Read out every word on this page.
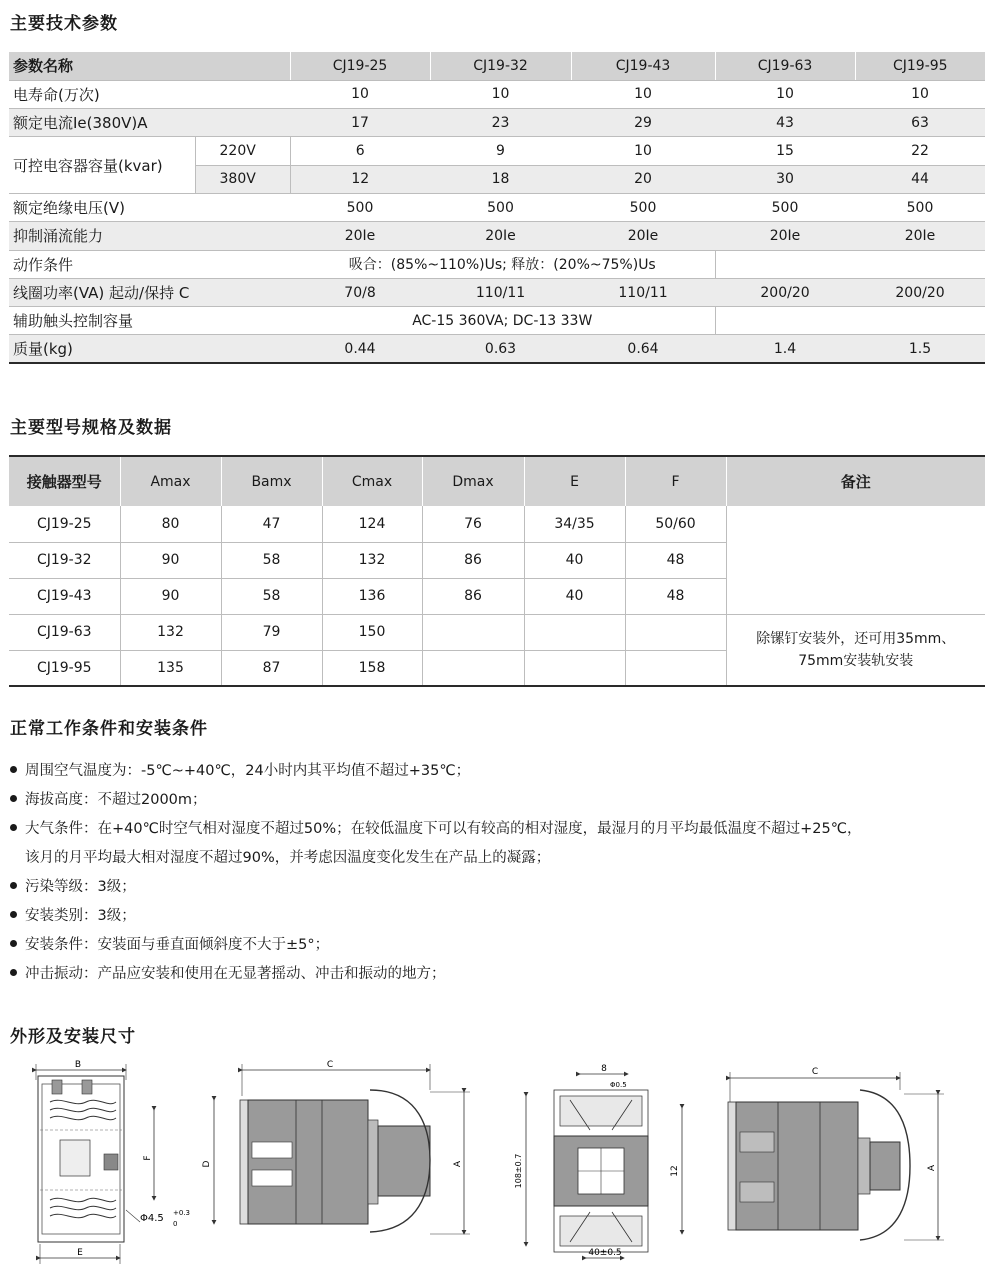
主要技术参数
参数名称		CJ19-25	CJ19-32	CJ19-43	CJ19-63	CJ19-95
电寿命(万次)		10	10	10	10	10
额定电流Ie(380V)A		17	23	29	43	63
可控电容器容量(kvar)	220V	6	9	10	15	22
	380V	12	18	20	30	44
额定绝缘电压(V)		500	500	500	500	500
抑制涌流能力		20Ie	20Ie	20Ie	20Ie	20Ie
动作条件		吸合：(85%~110%)Us; 释放：(20%~75%)Us				
线圈功率(VA) 起动/保持 C		70/8	110/11	110/11	200/20	200/20
辅助触头控制容量		AC-15 360VA; DC-13 33W				
质量(kg)		0.44	0.63	0.64	1.4	1.5
主要型号规格及数据
接触器型号	Amax	Bamx	Cmax	Dmax	E	F	备注
CJ19-25	80	47	124	76	34/35	50/60	
CJ19-32	90	58	132	86	40	48	
CJ19-43	90	58	136	86	40	48	
CJ19-63	132	79	150				除镙钉安装外，还可用35mm、
75mm安装轨安装

CJ19-95	135	87	158				
正常工作条件和安装条件
周围空气温度为：-5℃~+40℃，24小时内其平均值不超过+35℃；
海拔高度：不超过2000m；
大气条件：在+40℃时空气相对湿度不超过50%；在较低温度下可以有较高的相对湿度，最湿月的月平均最低温度不超过+25℃，
该月的月平均最大相对湿度不超过90%，并考虑因温度变化发生在产品上的凝露；
污染等级：3级；
安装类别：3级；
安装条件：安装面与垂直面倾斜度不大于±5°；
冲击振动：产品应安装和使用在无显著摇动、冲击和振动的地方；
外形及安装尺寸
B
F
E
Φ4.5 +0.3
0
C
D	A
8
Φ0.5
108±0.7	12
40±0.5
C
A
